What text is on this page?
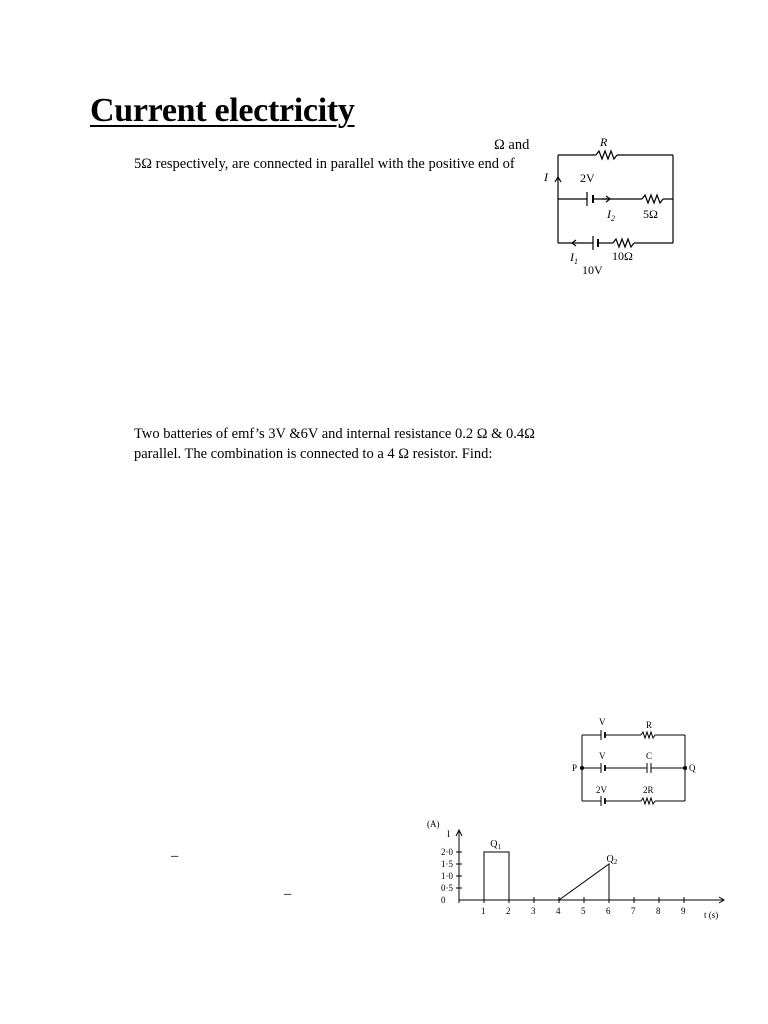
Current electricity
Ω and
5Ω respectively, are connected in parallel with the positive end of
R
I	2V
$I_2$ 5Ω
$I_1$	10Ω
10V
Two batteries of emf’s 3V &6V and internal resistance 0.2 Ω & 0.4Ω
parallel. The combination is connected to a 4 Ω resistor. Find:
V	R
V	C
P	Q
2V	2R
–
–
(A)
I
t (s)
1 2 3 4 5 6 7 8 9
2·0
1·5
1·0
0·5
0
$Q_1$
$Q_2$
